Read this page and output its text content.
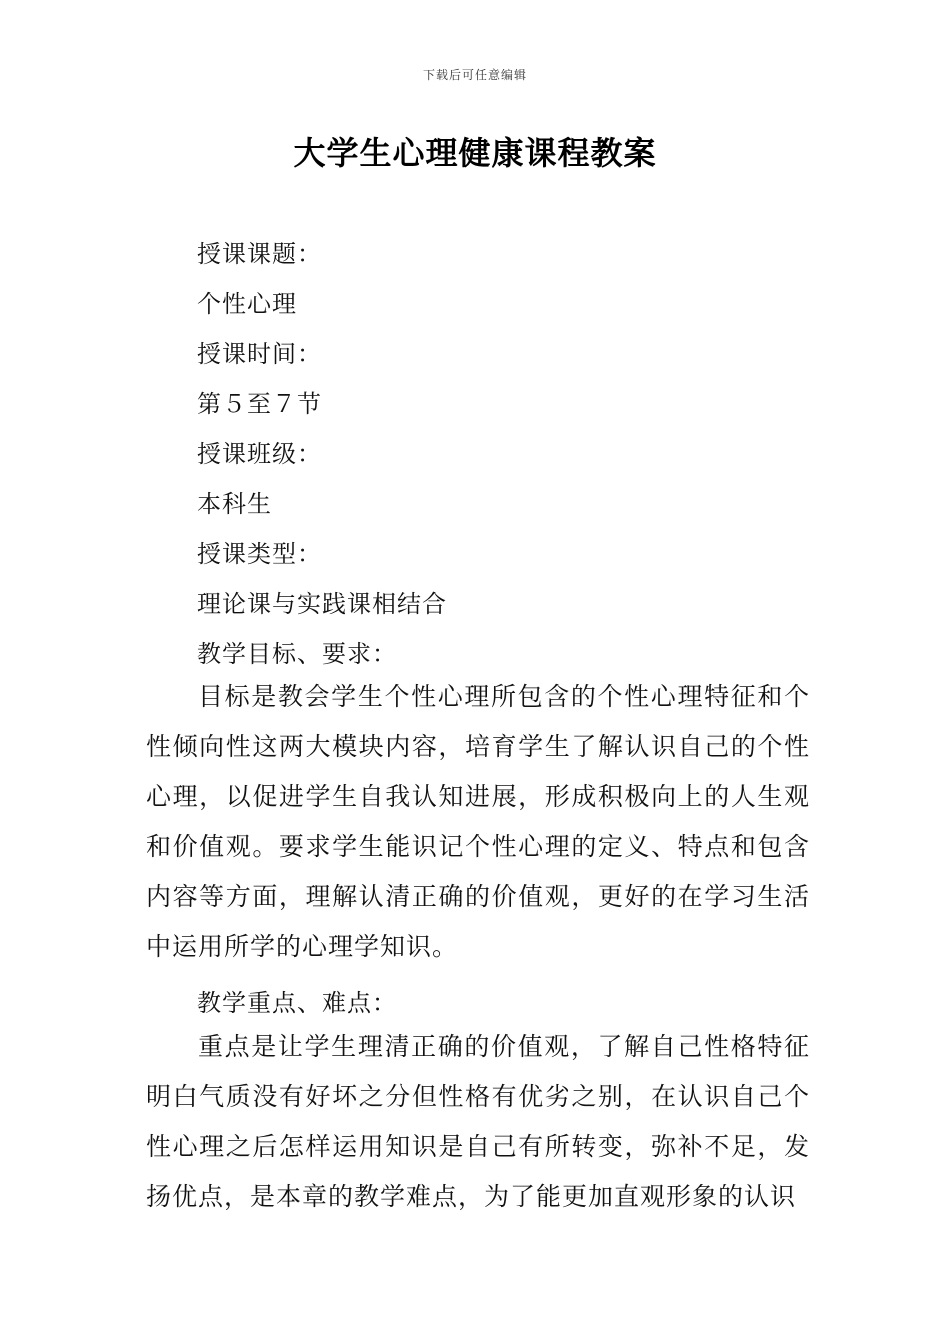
下载后可任意编辑
大学生心理健康课程教案
授课课题：
个性心理
授课时间：
第５至７节
授课班级：
本科生
授课类型：
理论课与实践课相结合
教学目标、要求：
目标是教会学生个性心理所包含的个性心理特征和个性倾向性这两大模块内容，培育学生了解认识自己的个性心理，以促进学生自我认知进展，形成积极向上的人生观和价值观。要求学生能识记个性心理的定义、特点和包含内容等方面，理解认清正确的价值观，更好的在学习生活中运用所学的心理学知识。
教学重点、难点：
重点是让学生理清正确的价值观，了解自己性格特征明白气质没有好坏之分但性格有优劣之别，在认识自己个性心理之后怎样运用知识是自己有所转变，弥补不足，发扬优点，是本章的教学难点，为了能更加直观形象的认识
